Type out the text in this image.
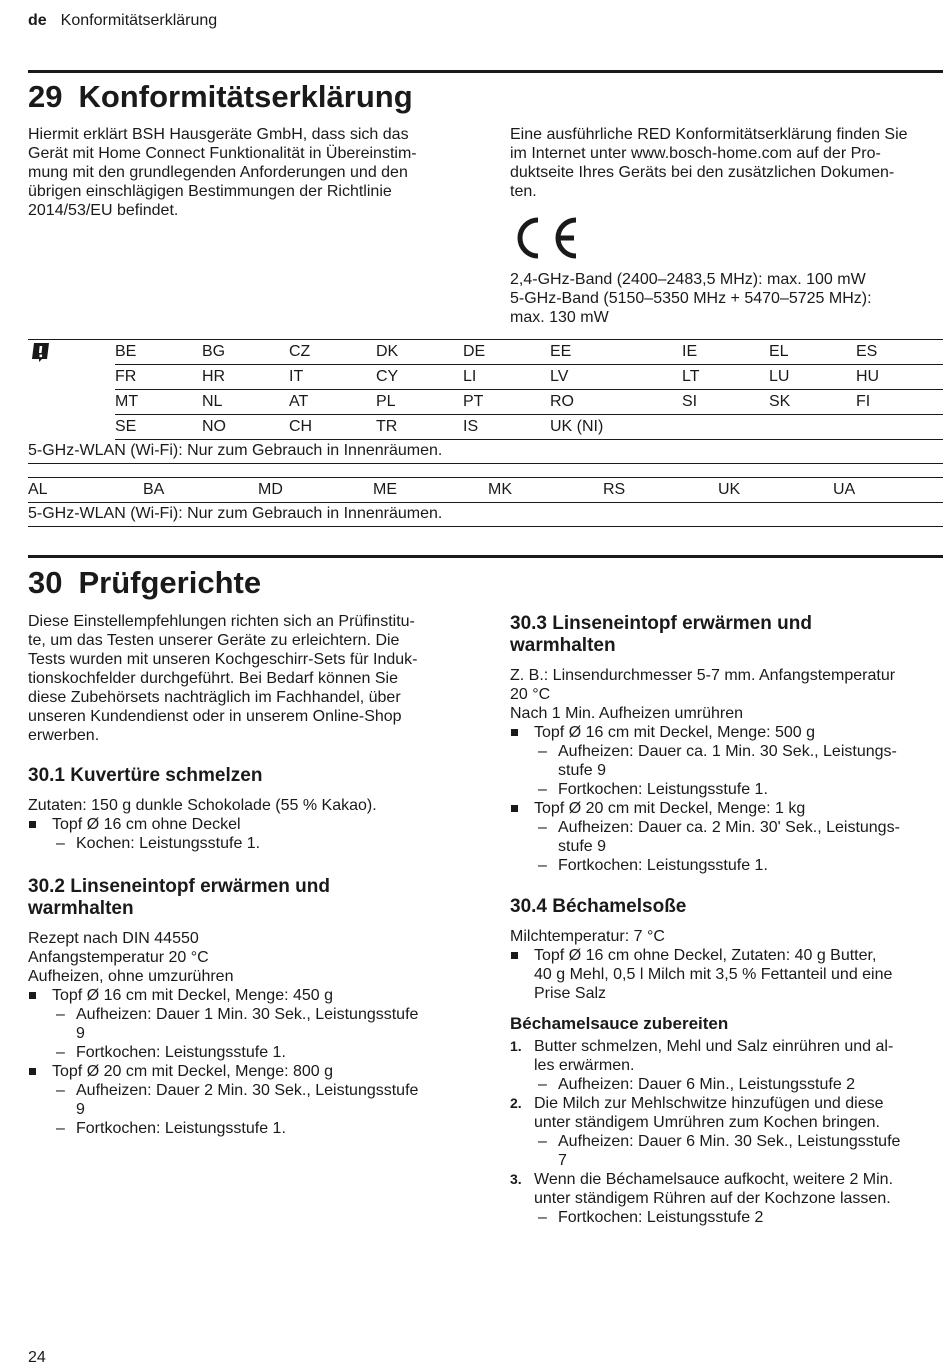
de Konformitätserklärung
29 Konformitätserklärung
Hiermit erklärt BSH Hausgeräte GmbH, dass sich das
Gerät mit Home Connect Funktionalität in Übereinstim-
mung mit den grundlegenden Anforderungen und den
übrigen einschlägigen Bestimmungen der Richtlinie
2014/53/EU befindet.
Eine ausführliche RED Konformitätserklärung finden Sie
im Internet unter www.bosch-home.com auf der Pro-
duktseite Ihres Geräts bei den zusätzlichen Dokumen-
ten.
2,4-GHz-Band (2400–2483,5 MHz): max. 100 mW
5-GHz-Band (5150–5350 MHz + 5470–5725 MHz):
max. 130 mW
BE	BG	CZ	DK	DE	EE	IE	EL	ES
FR	HR	IT	CY	LI	LV	LT	LU	HU
MT	NL	AT	PL	PT	RO	SI	SK	FI
SE	NO	CH	TR	IS	UK (NI)			
5-GHz-WLAN (Wi-Fi): Nur zum Gebrauch in Innenräumen.
AL	BA	MD	ME	MK	RS	UK	UA
5-GHz-WLAN (Wi-Fi): Nur zum Gebrauch in Innenräumen.
30 Prüfgerichte
Diese Einstellempfehlungen richten sich an Prüfinstitu-
te, um das Testen unserer Geräte zu erleichtern. Die
Tests wurden mit unseren Kochgeschirr-Sets für Induk-
tionskochfelder durchgeführt. Bei Bedarf können Sie
diese Zubehörsets nachträglich im Fachhandel, über
unseren Kundendienst oder in unserem Online-Shop
erwerben.
30.1 Kuvertüre schmelzen
Zutaten: 150 g dunkle Schokolade (55 % Kakao).
Topf Ø 16 cm ohne Deckel
– Kochen: Leistungsstufe 1.
30.2 Linseneintopf erwärmen und
warmhalten
Rezept nach DIN 44550
Anfangstemperatur 20 °C
Aufheizen, ohne umzurühren
Topf Ø 16 cm mit Deckel, Menge: 450 g
– Aufheizen: Dauer 1 Min. 30 Sek., Leistungsstufe
9
– Fortkochen: Leistungsstufe 1.
Topf Ø 20 cm mit Deckel, Menge: 800 g
– Aufheizen: Dauer 2 Min. 30 Sek., Leistungsstufe
9
– Fortkochen: Leistungsstufe 1.
30.3 Linseneintopf erwärmen und
warmhalten
Z. B.: Linsendurchmesser 5-7 mm. Anfangstemperatur
20 °C
Nach 1 Min. Aufheizen umrühren
Topf Ø 16 cm mit Deckel, Menge: 500 g
– Aufheizen: Dauer ca. 1 Min. 30 Sek., Leistungs-
stufe 9
– Fortkochen: Leistungsstufe 1.
Topf Ø 20 cm mit Deckel, Menge: 1 kg
– Aufheizen: Dauer ca. 2 Min. 30' Sek., Leistungs-
stufe 9
– Fortkochen: Leistungsstufe 1.
30.4 Béchamelsoße
Milchtemperatur: 7 °C
Topf Ø 16 cm ohne Deckel, Zutaten: 40 g Butter,
40 g Mehl, 0,5 l Milch mit 3,5 % Fettanteil und eine
Prise Salz
Béchamelsauce zubereiten
1. Butter schmelzen, Mehl und Salz einrühren und al-
les erwärmen.
– Aufheizen: Dauer 6 Min., Leistungsstufe 2
2. Die Milch zur Mehlschwitze hinzufügen und diese
unter ständigem Umrühren zum Kochen bringen.
– Aufheizen: Dauer 6 Min. 30 Sek., Leistungsstufe
7
3. Wenn die Béchamelsauce aufkocht, weitere 2 Min.
unter ständigem Rühren auf der Kochzone lassen.
– Fortkochen: Leistungsstufe 2
24
